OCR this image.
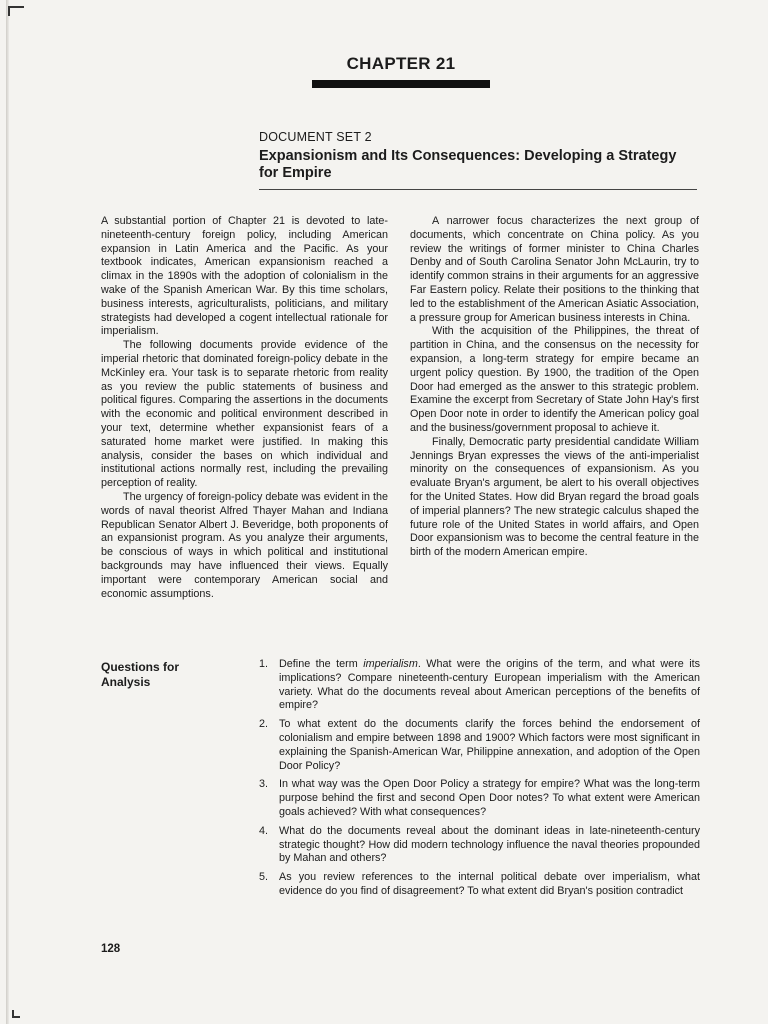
CHAPTER 21
DOCUMENT SET 2
Expansionism and Its Consequences: Developing a Strategy for Empire

A substantial portion of Chapter 21 is devoted to late-nineteenth-century foreign policy, including American expansion in Latin America and the Pacific. As your textbook indicates, American expansionism reached a climax in the 1890s with the adoption of colonialism in the wake of the Spanish American War. By this time scholars, business interests, agriculturalists, politicians, and military strategists had developed a cogent intellectual rationale for imperialism.

The following documents provide evidence of the imperial rhetoric that dominated foreign-policy debate in the McKinley era. Your task is to separate rhetoric from reality as you review the public statements of business and political figures. Comparing the assertions in the documents with the economic and political environment described in your text, determine whether expansionist fears of a saturated home market were justified. In making this analysis, consider the bases on which individual and institutional actions normally rest, including the prevailing perception of reality.

The urgency of foreign-policy debate was evident in the words of naval theorist Alfred Thayer Mahan and Indiana Republican Senator Albert J. Beveridge, both proponents of an expansionist program. As you analyze their arguments, be conscious of ways in which political and institutional backgrounds may have influenced their views. Equally important were contemporary American social and economic assumptions.

A narrower focus characterizes the next group of documents, which concentrate on China policy. As you review the writings of former minister to China Charles Denby and of South Carolina Senator John McLaurin, try to identify common strains in their arguments for an aggressive Far Eastern policy. Relate their positions to the thinking that led to the establishment of the American Asiatic Association, a pressure group for American business interests in China.

With the acquisition of the Philippines, the threat of partition in China, and the consensus on the necessity for expansion, a long-term strategy for empire became an urgent policy question. By 1900, the tradition of the Open Door had emerged as the answer to this strategic problem. Examine the excerpt from Secretary of State John Hay's first Open Door note in order to identify the American policy goal and the business/government proposal to achieve it.

Finally, Democratic party presidential candidate William Jennings Bryan expresses the views of the anti-imperialist minority on the consequences of expansionism. As you evaluate Bryan's argument, be alert to his overall objectives for the United States. How did Bryan regard the broad goals of imperial planners? The new strategic calculus shaped the future role of the United States in world affairs, and Open Door expansionism was to become the central feature in the birth of the modern American empire.

Questions for Analysis
1.	Define the term imperialism. What were the origins of the term, and what were its implications? Compare nineteenth-century European imperialism with the American variety. What do the documents reveal about American perceptions of the benefits of empire?
2.	To what extent do the documents clarify the forces behind the endorsement of colonialism and empire between 1898 and 1900? Which factors were most significant in explaining the Spanish-American War, Philippine annexation, and adoption of the Open Door Policy?
3.	In what way was the Open Door Policy a strategy for empire? What was the long-term purpose behind the first and second Open Door notes? To what extent were American goals achieved? With what consequences?
4.	What do the documents reveal about the dominant ideas in late-nineteenth-century strategic thought? How did modern technology influence the naval theories propounded by Mahan and others?
5.	As you review references to the internal political debate over imperialism, what evidence do you find of disagreement? To what extent did Bryan's position contradict
128
